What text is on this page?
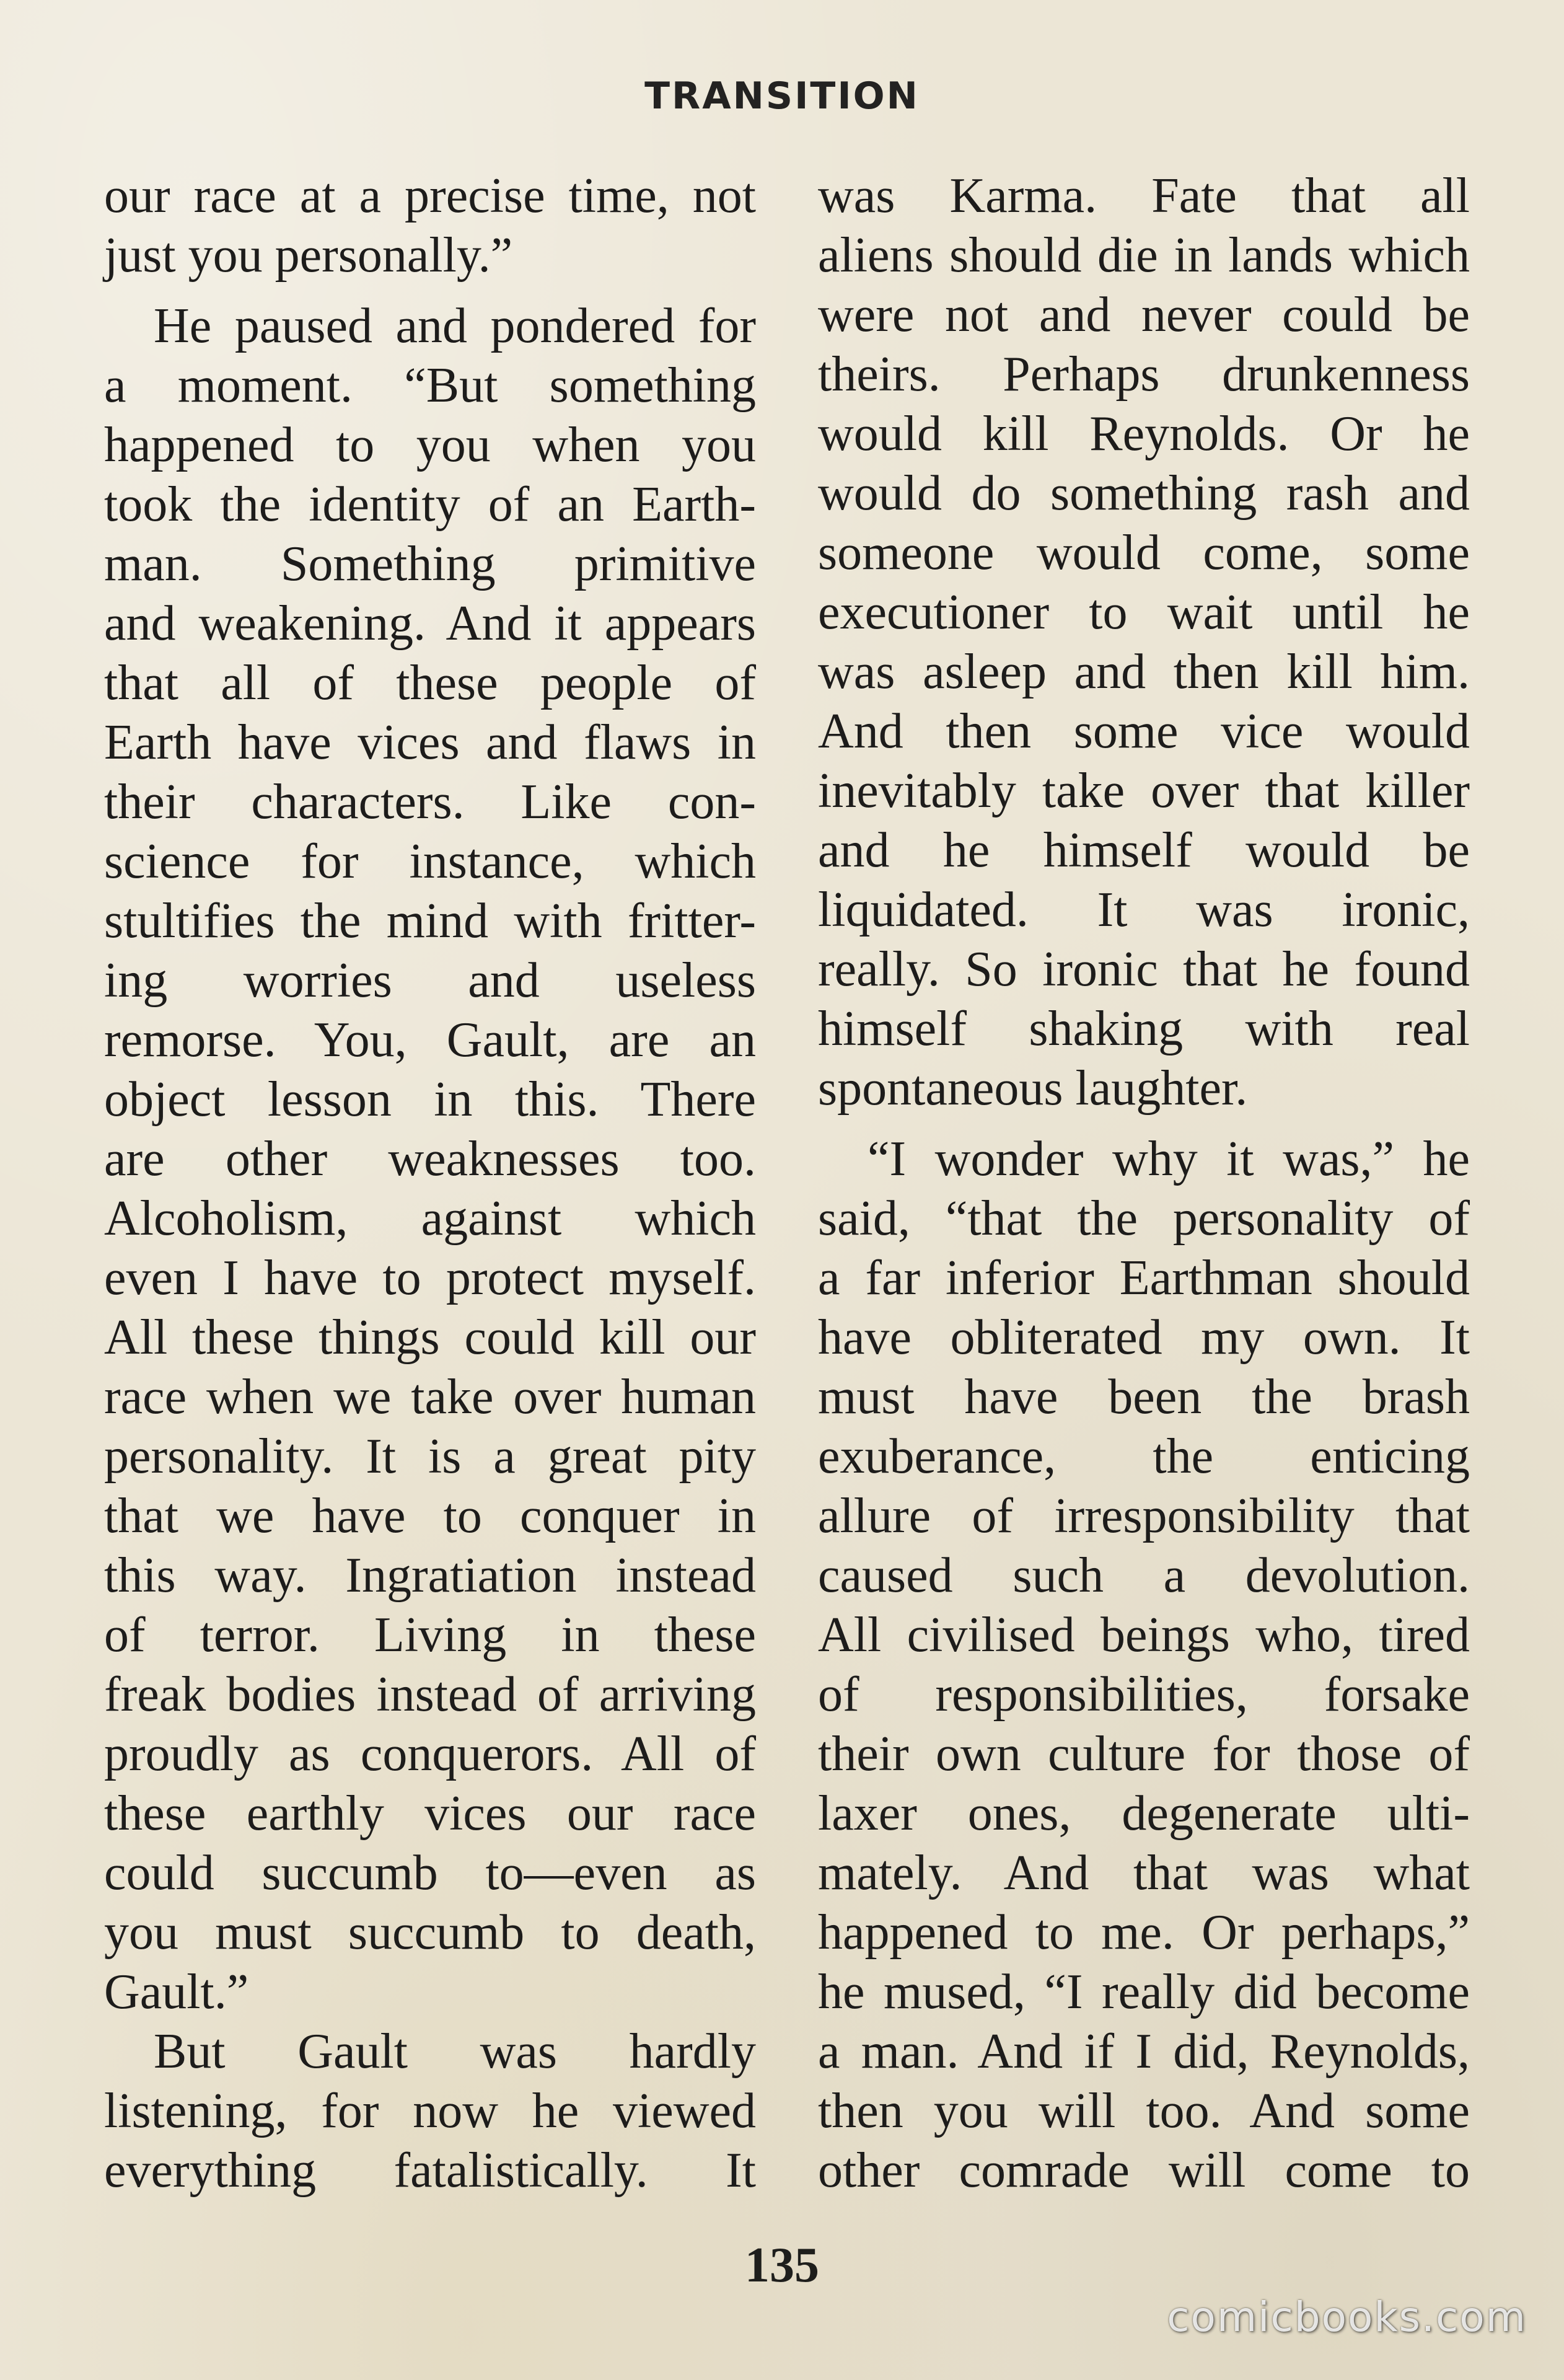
TRANSITION
our race at a precise time, not
just you personally.”
He paused and pondered for
a moment. “But something
happened to you when you
took the identity of an Earth-
man. Something primitive
and weakening. And it appears
that all of these people of
Earth have vices and flaws in
their characters. Like con-
science for instance, which
stultifies the mind with fritter-
ing worries and useless
remorse. You, Gault, are an
object lesson in this. There
are other weaknesses too.
Alcoholism, against which
even I have to protect myself.
All these things could kill our
race when we take over human
personality. It is a great pity
that we have to conquer in
this way. Ingratiation instead
of terror. Living in these
freak bodies instead of arriving
proudly as conquerors. All of
these earthly vices our race
could succumb to—even as
you must succumb to death,
Gault.”
But Gault was hardly
listening, for now he viewed
everything fatalistically. It
was Karma. Fate that all
aliens should die in lands which
were not and never could be
theirs. Perhaps drunkenness
would kill Reynolds. Or he
would do something rash and
someone would come, some
executioner to wait until he
was asleep and then kill him.
And then some vice would
inevitably take over that killer
and he himself would be
liquidated. It was ironic,
really. So ironic that he found
himself shaking with real
spontaneous laughter.
“I wonder why it was,” he
said, “that the personality of
a far inferior Earthman should
have obliterated my own. It
must have been the brash
exuberance, the enticing
allure of irresponsibility that
caused such a devolution.
All civilised beings who, tired
of responsibilities, forsake
their own culture for those of
laxer ones, degenerate ulti-
mately. And that was what
happened to me. Or perhaps,”
he mused, “I really did become
a man. And if I did, Reynolds,
then you will too. And some
other comrade will come to
135
comicbooks.com
